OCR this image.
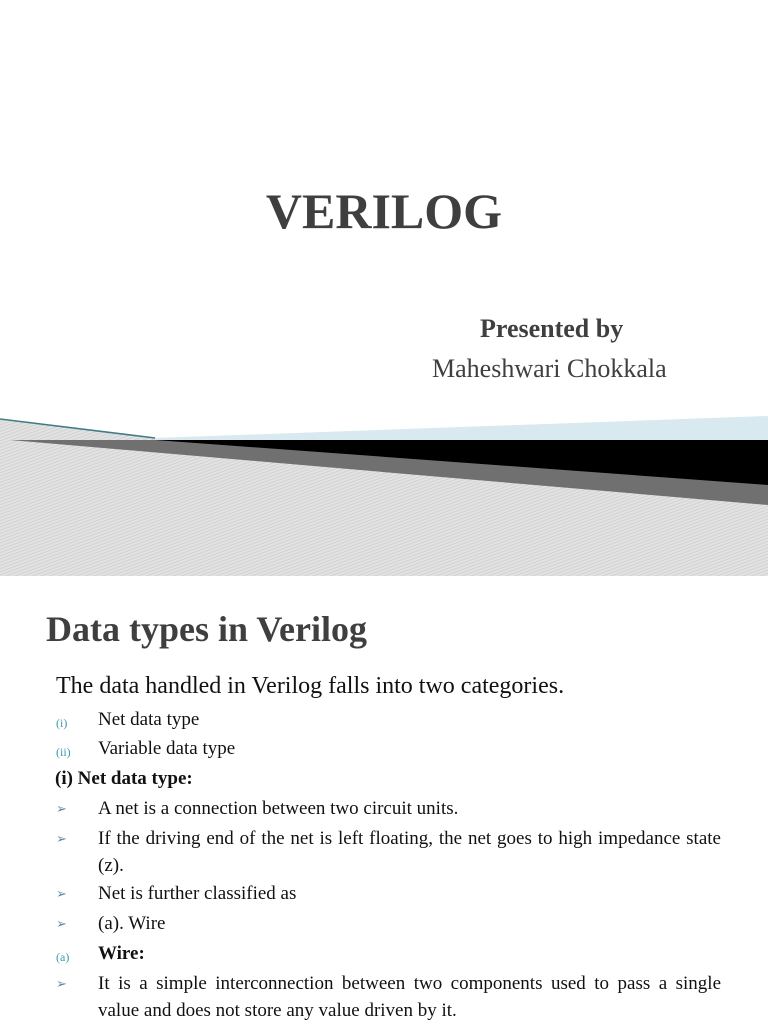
VERILOG
Presented by
Maheshwari Chokkala
Data types in Verilog
The data handled in Verilog falls into two categories.
(i) Net data type
(ii) Variable data type
(i) Net data type:
➢ A net is a connection between two circuit units.
➢ If the driving end of the net is left floating, the net goes to high impedance state (z).
➢ Net is further classified as
➢ (a). Wire
(a) Wire:
➢ It is a simple interconnection between two components used to pass a single value and does not store any value driven by it.
